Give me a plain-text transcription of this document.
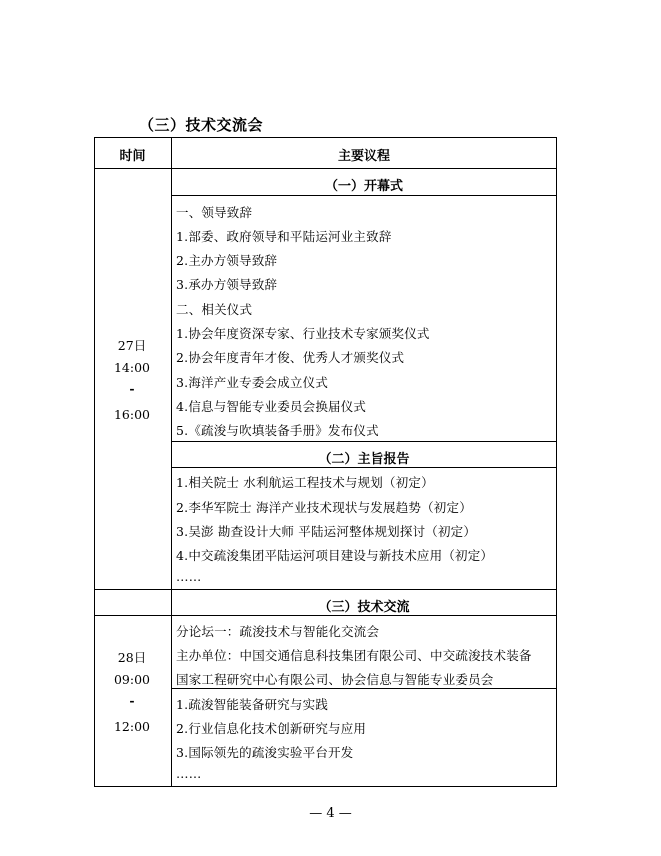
（三）技术交流会
时间	主要议程
（一）开幕式
一、领导致辞
1.部委、政府领导和平陆运河业主致辞
2.主办方领导致辞
3.承办方领导致辞
二、相关仪式
1.协会年度资深专家、行业技术专家颁奖仪式
2.协会年度青年才俊、优秀人才颁奖仪式
3.海洋产业专委会成立仪式
4.信息与智能专业委员会换届仪式
5.《疏浚与吹填装备手册》发布仪式
（二）主旨报告
1.相关院士 水利航运工程技术与规划（初定）
2.李华军院士 海洋产业技术现状与发展趋势（初定）
3.吴澎 勘查设计大师 平陆运河整体规划探讨（初定）
4.中交疏浚集团平陆运河项目建设与新技术应用（初定）
……
27日
14:00
-
16:00
（三）技术交流
分论坛一：疏浚技术与智能化交流会
主办单位：中国交通信息科技集团有限公司、中交疏浚技术装备
国家工程研究中心有限公司、协会信息与智能专业委员会
1.疏浚智能装备研究与实践
2.行业信息化技术创新研究与应用
3.国际领先的疏浚实验平台开发
……
28日
09:00
-
12:00
— 4 —
